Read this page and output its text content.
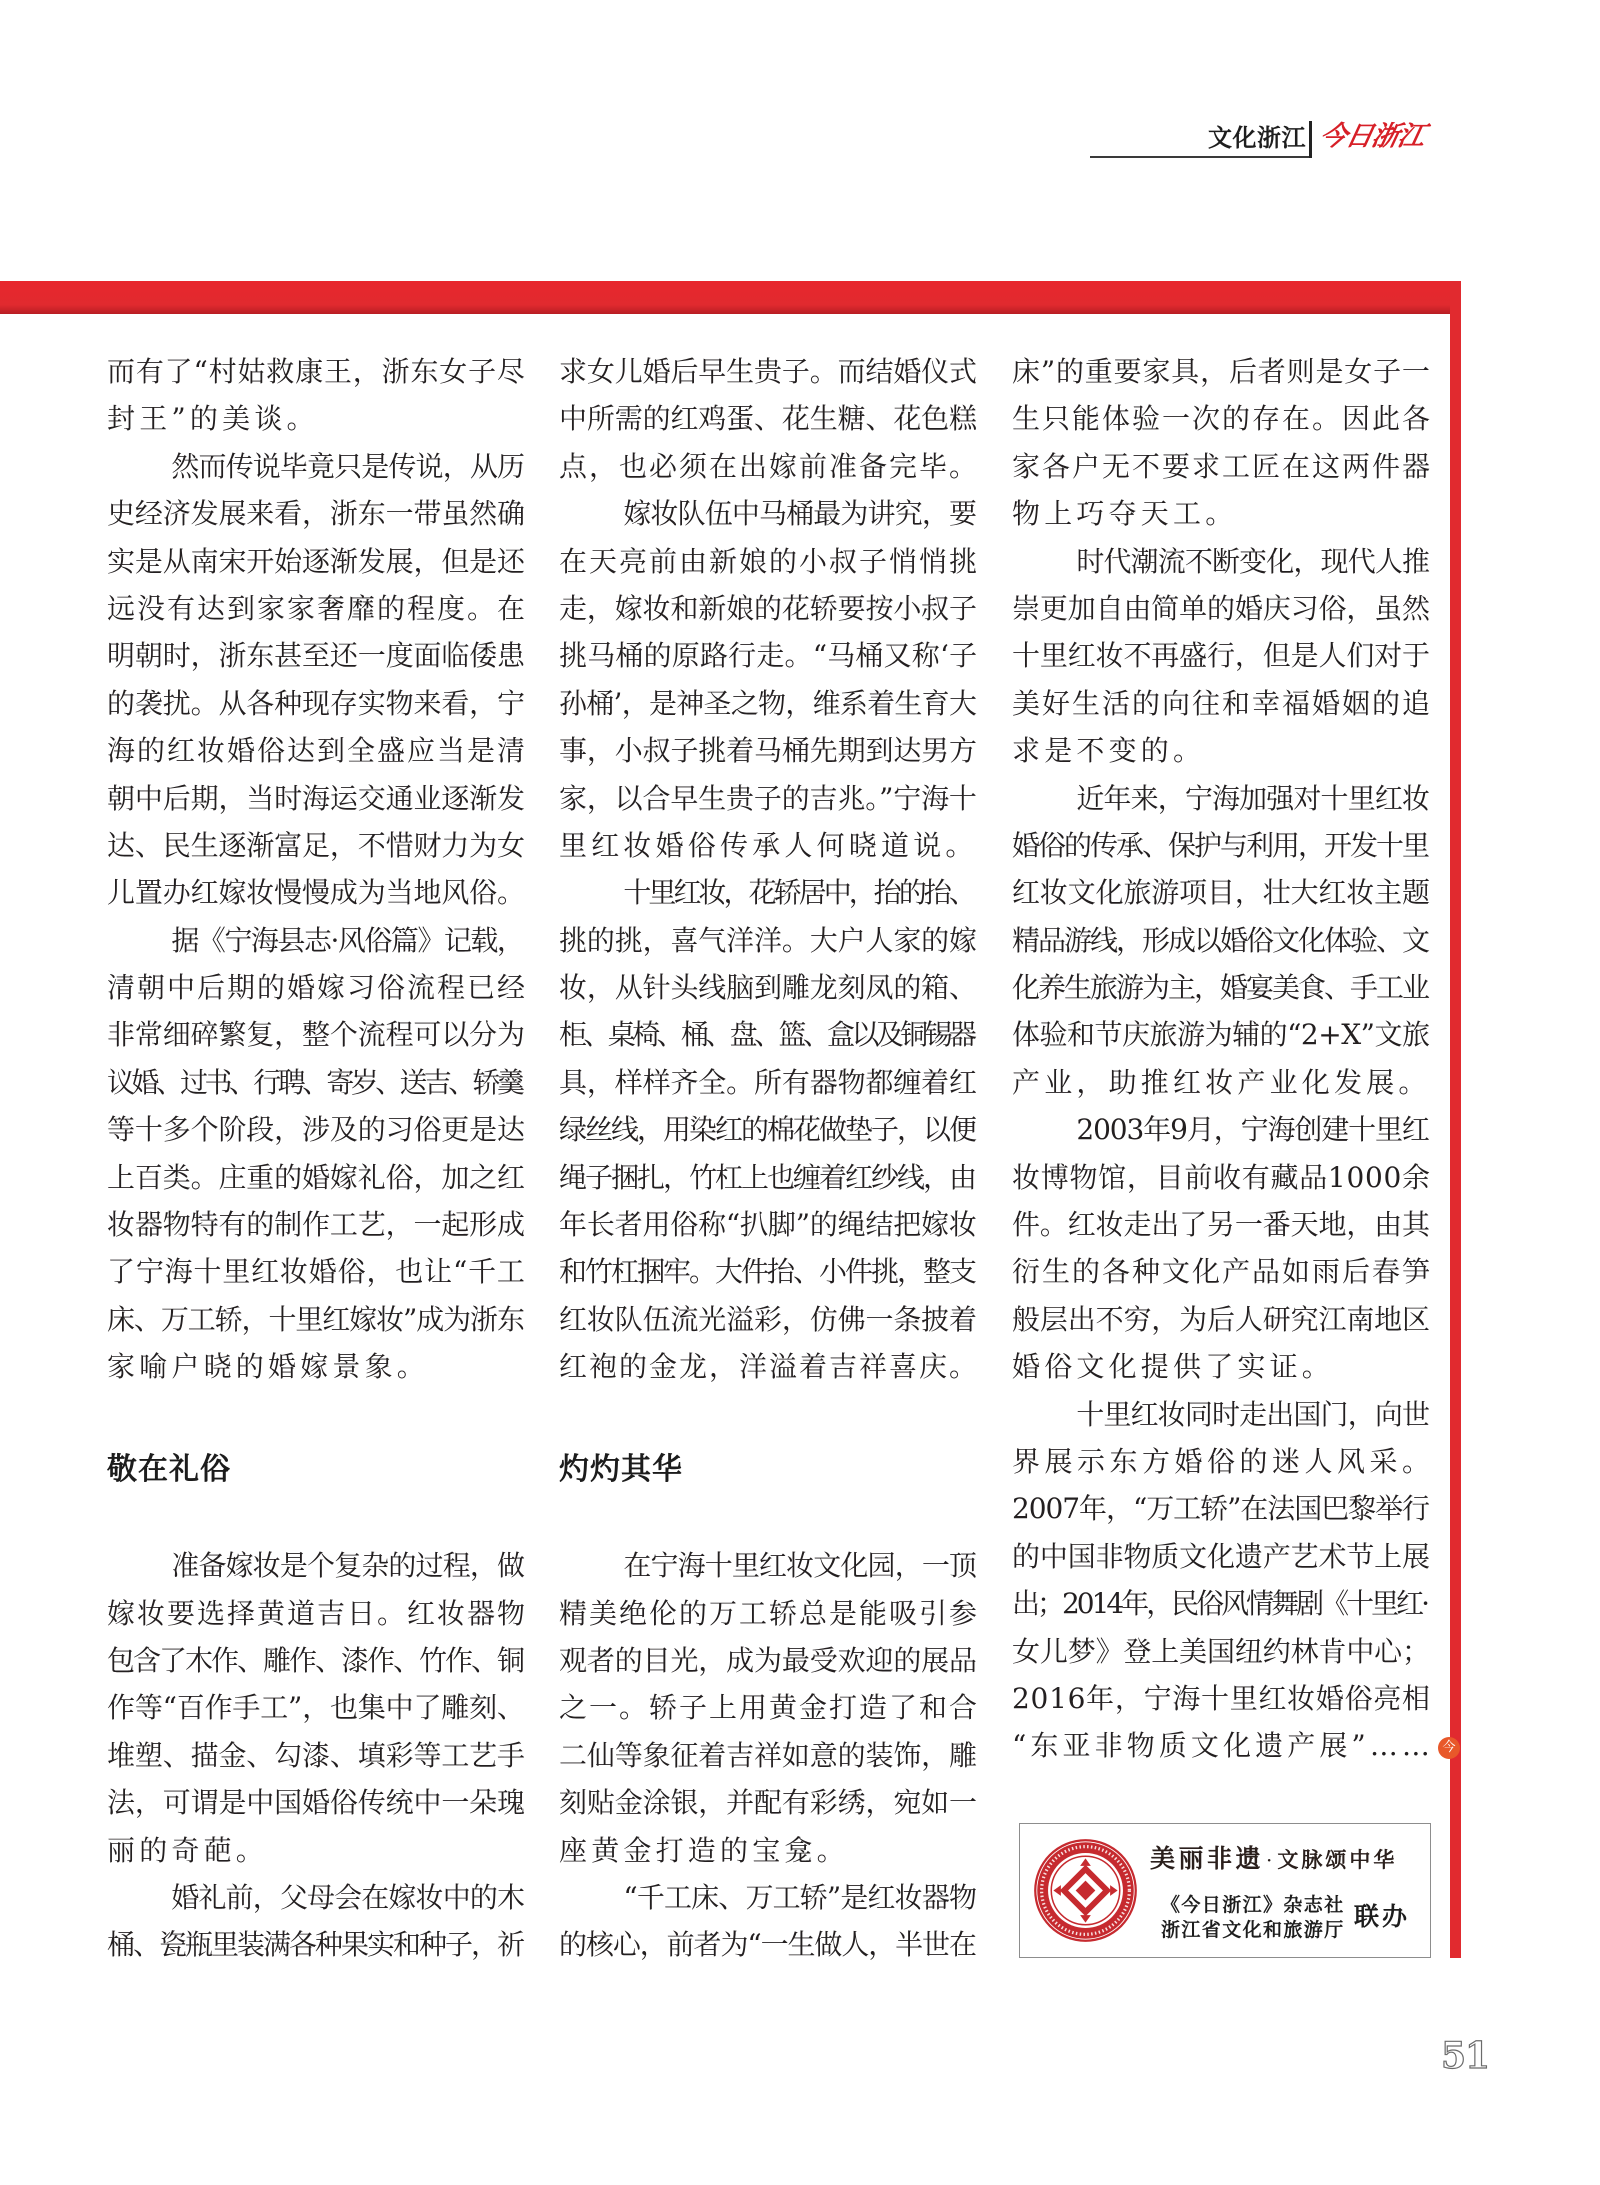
文化浙江 今日浙江
而有了“村姑救康王，浙东女子尽
封王”的美谈。
然而传说毕竟只是传说，从历
史经济发展来看，浙东一带虽然确
实是从南宋开始逐渐发展，但是还
远没有达到家家奢靡的程度。在
明朝时，浙东甚至还一度面临倭患
的袭扰。从各种现存实物来看，宁
海的红妆婚俗达到全盛应当是清
朝中后期，当时海运交通业逐渐发
达、民生逐渐富足，不惜财力为女
儿置办红嫁妆慢慢成为当地风俗。
据《宁海县志·风俗篇》记载，
清朝中后期的婚嫁习俗流程已经
非常细碎繁复，整个流程可以分为
议婚、过书、行聘、寄岁、送吉、轿羹
等十多个阶段，涉及的习俗更是达
上百类。庄重的婚嫁礼俗，加之红
妆器物特有的制作工艺，一起形成
了宁海十里红妆婚俗，也让“千工
床、万工轿，十里红嫁妆”成为浙东
家喻户晓的婚嫁景象。
敬在礼俗
准备嫁妆是个复杂的过程，做
嫁妆要选择黄道吉日。红妆器物
包含了木作、雕作、漆作、竹作、铜
作等“百作手工”，也集中了雕刻、
堆塑、描金、勾漆、填彩等工艺手
法，可谓是中国婚俗传统中一朵瑰
丽的奇葩。
婚礼前，父母会在嫁妆中的木
桶、瓷瓶里装满各种果实和种子，祈
求女儿婚后早生贵子。而结婚仪式
中所需的红鸡蛋、花生糖、花色糕
点，也必须在出嫁前准备完毕。
嫁妆队伍中马桶最为讲究，要
在天亮前由新娘的小叔子悄悄挑
走，嫁妆和新娘的花轿要按小叔子
挑马桶的原路行走。“马桶又称‘子
孙桶’，是神圣之物，维系着生育大
事，小叔子挑着马桶先期到达男方
家，以合早生贵子的吉兆。”宁海十
里红妆婚俗传承人何晓道说。
十里红妆，花轿居中，抬的抬、
挑的挑，喜气洋洋。大户人家的嫁
妆，从针头线脑到雕龙刻凤的箱、
柜、桌椅、桶、盘、篮、盒以及铜锡器
具，样样齐全。所有器物都缠着红
绿丝线，用染红的棉花做垫子，以便
绳子捆扎，竹杠上也缠着红纱线，由
年长者用俗称“扒脚”的绳结把嫁妆
和竹杠捆牢。大件抬、小件挑，整支
红妆队伍流光溢彩，仿佛一条披着
红袍的金龙，洋溢着吉祥喜庆。
灼灼其华
在宁海十里红妆文化园，一顶
精美绝伦的万工轿总是能吸引参
观者的目光，成为最受欢迎的展品
之一。轿子上用黄金打造了和合
二仙等象征着吉祥如意的装饰，雕
刻贴金涂银，并配有彩绣，宛如一
座黄金打造的宝龛。
“千工床、万工轿”是红妆器物
的核心，前者为“一生做人，半世在
床”的重要家具，后者则是女子一
生只能体验一次的存在。因此各
家各户无不要求工匠在这两件器
物上巧夺天工。
时代潮流不断变化，现代人推
崇更加自由简单的婚庆习俗，虽然
十里红妆不再盛行，但是人们对于
美好生活的向往和幸福婚姻的追
求是不变的。
近年来，宁海加强对十里红妆
婚俗的传承、保护与利用，开发十里
红妆文化旅游项目，壮大红妆主题
精品游线，形成以婚俗文化体验、文
化养生旅游为主，婚宴美食、手工业
体验和节庆旅游为辅的“2+X”文旅
产业，助推红妆产业化发展。
2003年9月，宁海创建十里红
妆博物馆，目前收有藏品1000余
件。红妆走出了另一番天地，由其
衍生的各种文化产品如雨后春笋
般层出不穷，为后人研究江南地区
婚俗文化提供了实证。
十里红妆同时走出国门，向世
界展示东方婚俗的迷人风采。
2007年，“万工轿”在法国巴黎举行
的中国非物质文化遗产艺术节上展
出；2014年，民俗风情舞剧《十里红·
女儿梦》登上美国纽约林肯中心；
2016年，宁海十里红妆婚俗亮相
“东亚非物质文化遗产展”…… 今
美丽非遗 · 文脉颂中华
《今日浙江》杂志社
浙江省文化和旅游厅 联办
51
